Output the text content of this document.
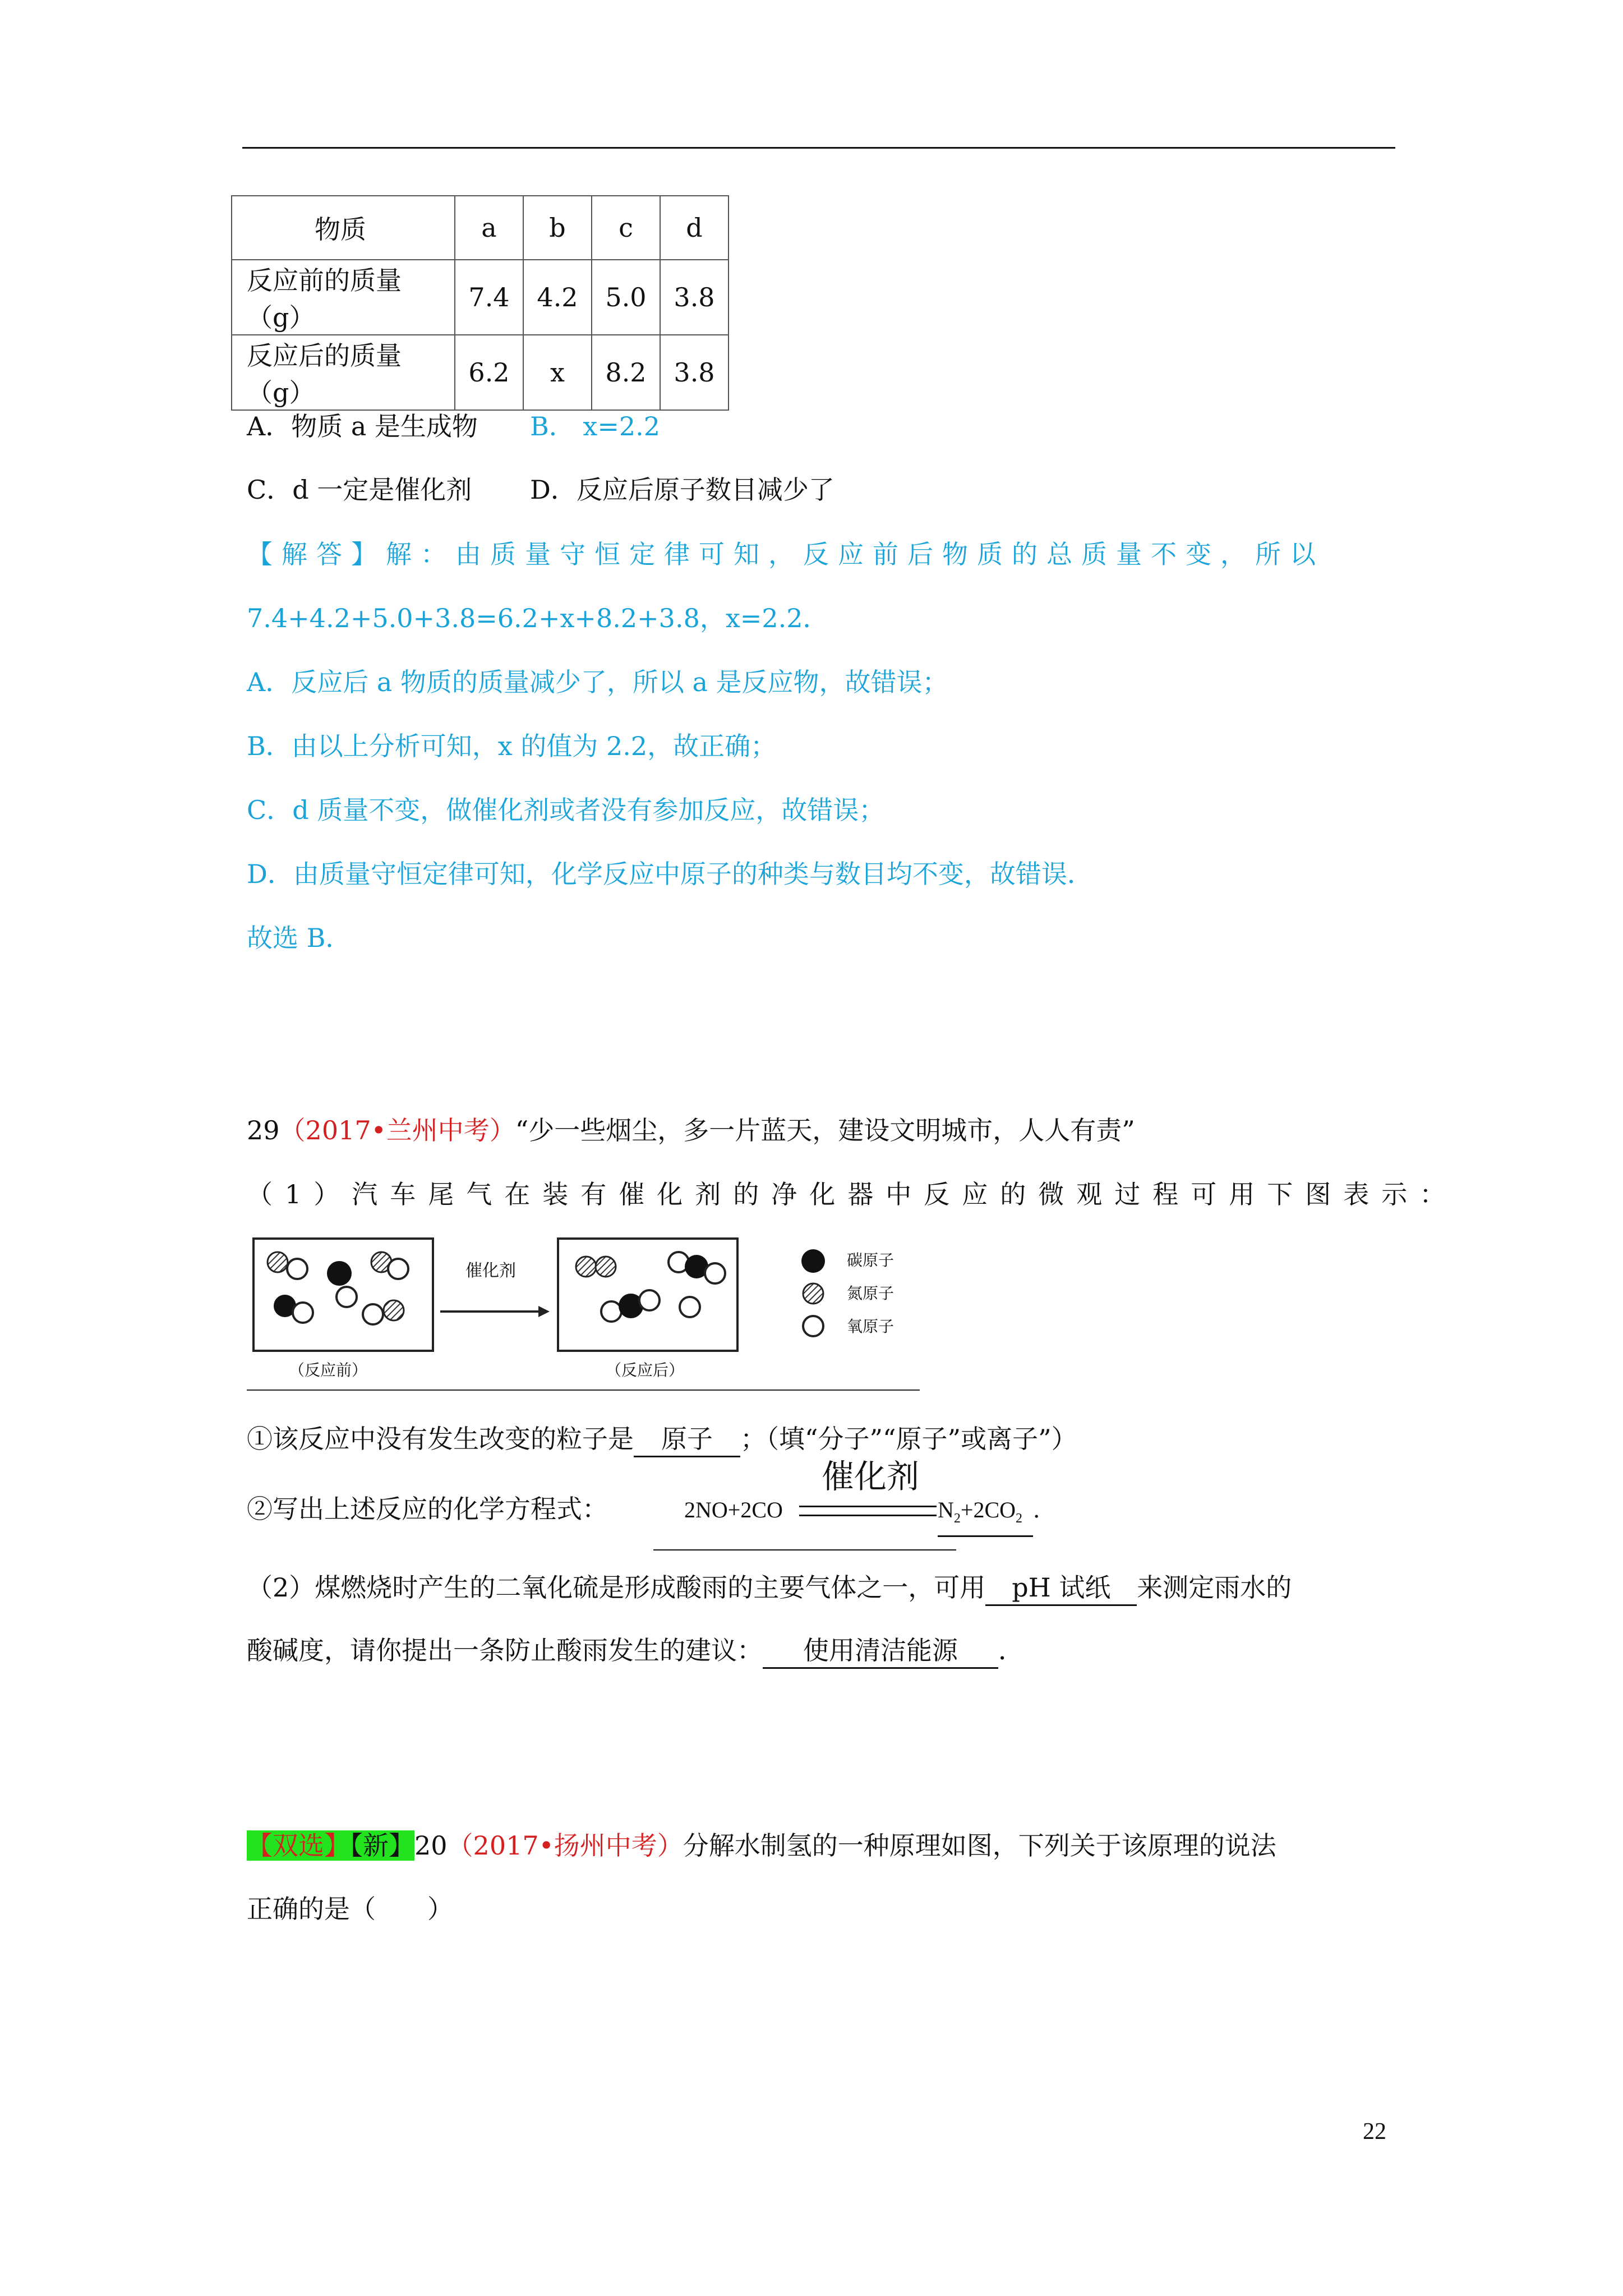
物质	a	b	c	d
反应前的质量（g）	7.4	4.2	5.0	3.8
反应后的质量（g）	6.2	x	8.2	3.8
A．物质 a 是生成物 B． x=2.2
C．d 一定是催化剂 D．反应后原子数目减少了
【解答】解：由质量守恒定律可知，反应前后物质的总质量不变，所以
7.4+4.2+5.0+3.8=6.2+x+8.2+3.8，x=2.2．
A．反应后 a 物质的质量减少了，所以 a 是反应物，故错误；
B．由以上分析可知，x 的值为 2.2，故正确；
C．d 质量不变，做催化剂或者没有参加反应，故错误；
D．由质量守恒定律可知，化学反应中原子的种类与数目均不变，故错误．
故选 B．
29（2017•兰州中考）“少一些烟尘，多一片蓝天，建设文明城市，人人有责”
（1）汽车尾气在装有催化剂的净化器中反应的微观过程可用下图表示：
催化剂
（反应前）	（反应后）
碳原子
氮原子
氧原子
①该反应中没有发生改变的粒子是 原子 ；（填“分子”“原子”或离子”）
②写出上述反应的化学方程式：	2NO+2CO
催化剂
$N_2+2CO_2$ ．
（2）煤燃烧时产生的二氧化硫是形成酸雨的主要气体之一，可用 pH 试纸 来测定雨水的
酸碱度，请你提出一条防止酸雨发生的建议： 使用清洁能源 ．
【双选】【新】20（2017•扬州中考）分解水制氢的一种原理如图，下列关于该原理的说法
正确的是（　　）
22
